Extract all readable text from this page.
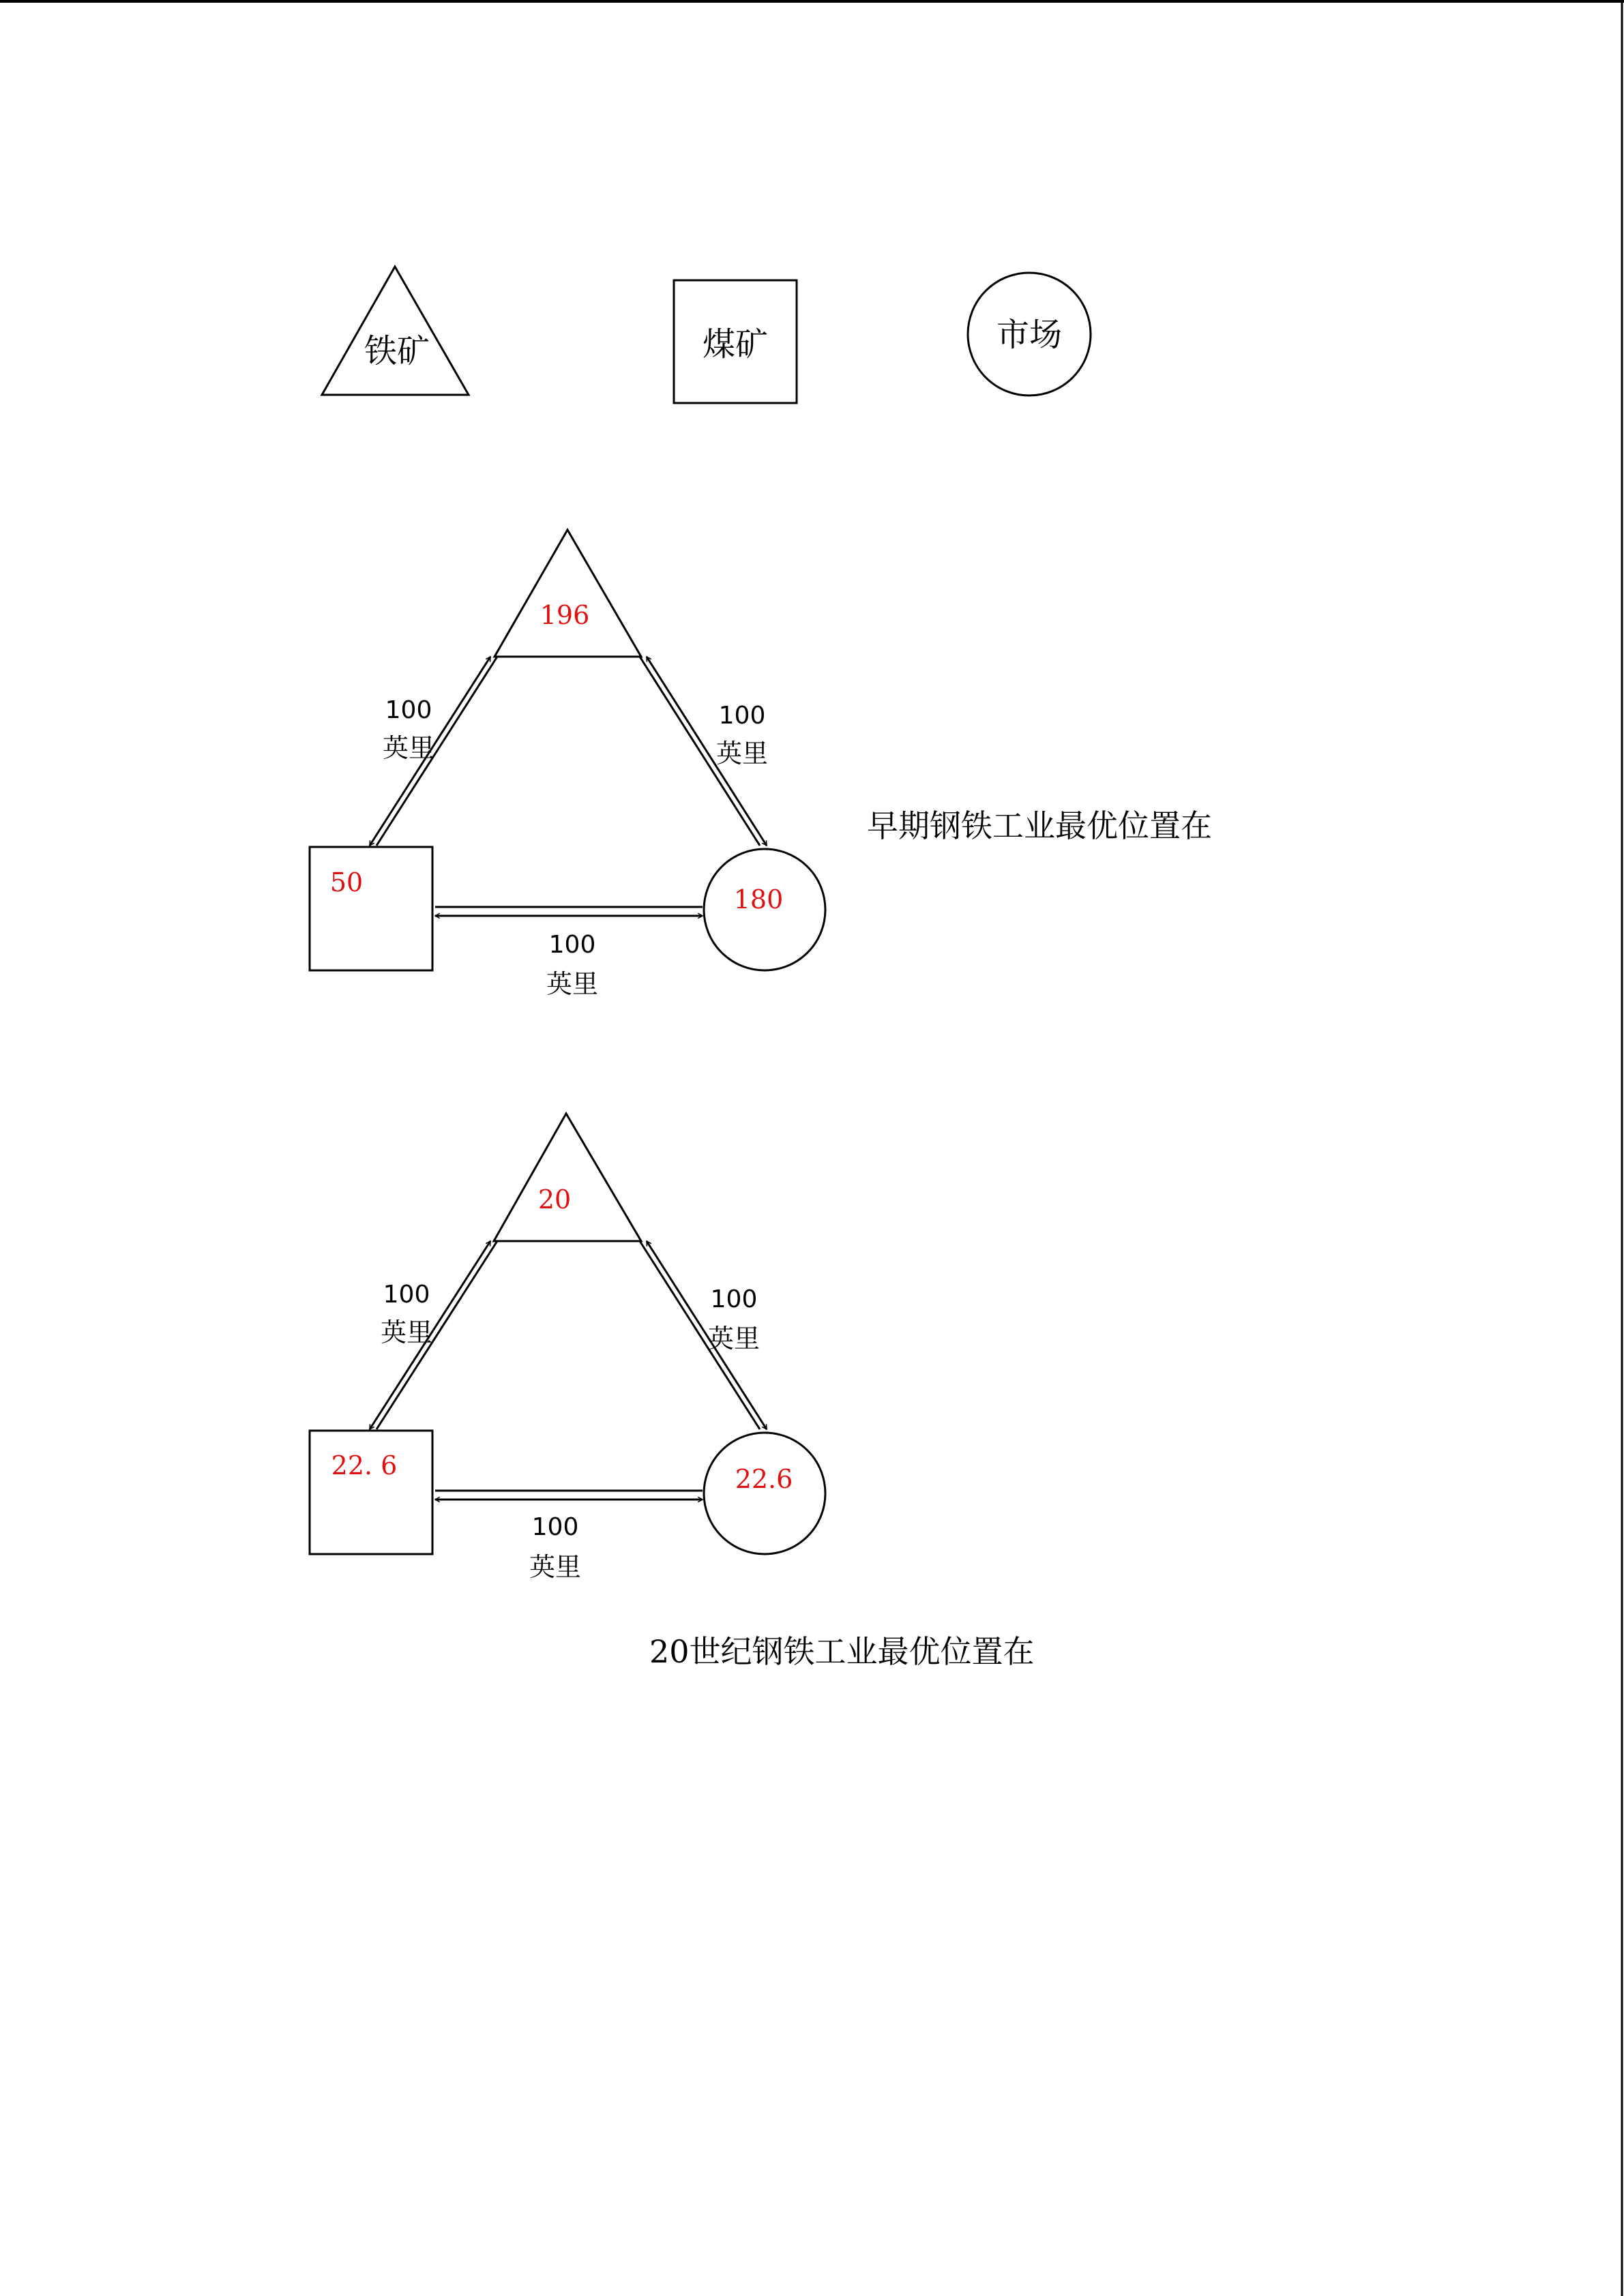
铁矿	煤矿	市场
196
50
180
100
英里
100
英里
100
英里
早期钢铁工业最优位置在
20
22. 6	22.6
100
英里
100
英里
100
英里
20世纪钢铁工业最优位置在
